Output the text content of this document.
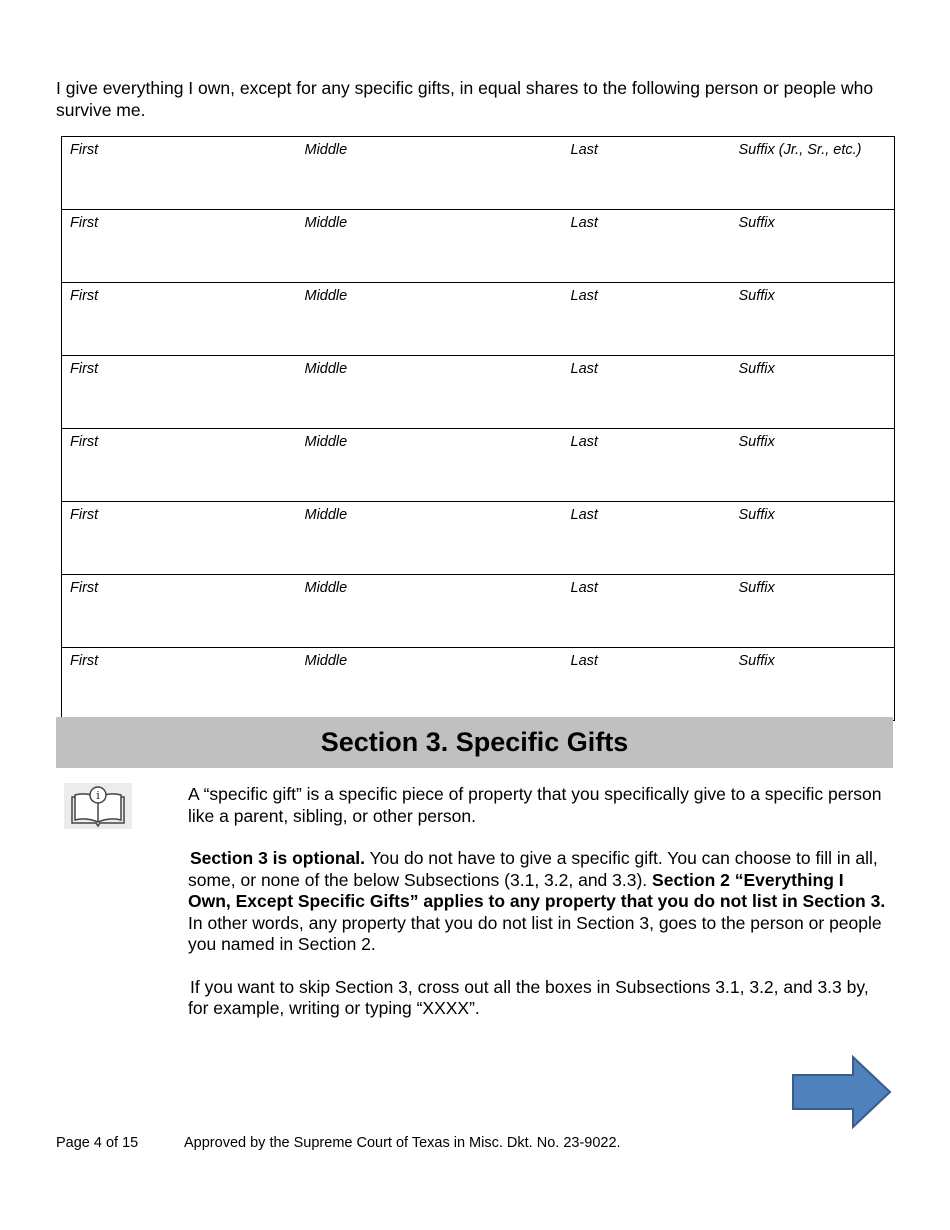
I give everything I own, except for any specific gifts, in equal shares to the following person or people who survive me.

First	Middle	Last	Suffix (Jr., Sr., etc.)
First	Middle	Last	Suffix
First	Middle	Last	Suffix
First	Middle	Last	Suffix
First	Middle	Last	Suffix
First	Middle	Last	Suffix
First	Middle	Last	Suffix
First	Middle	Last	Suffix
Section 3. Specific Gifts
i	A “specific gift” is a specific piece of property that you specifically give to a specific person like a parent, sibling, or other person.

Section 3 is optional. You do not have to give a specific gift. You can choose to fill in all, some, or none of the below Subsections (3.1, 3.2, and 3.3). Section 2 “Everything I Own, Except Specific Gifts” applies to any property that you do not list in Section 3. In other words, any property that you do not list in Section 3, goes to the person or people you named in Section 2.

If you want to skip Section 3, cross out all the boxes in Subsections 3.1, 3.2, and 3.3 by, for example, writing or typing “XXXX”.

Page 4 of 15	Approved by the Supreme Court of Texas in Misc. Dkt. No. 23-9022.
